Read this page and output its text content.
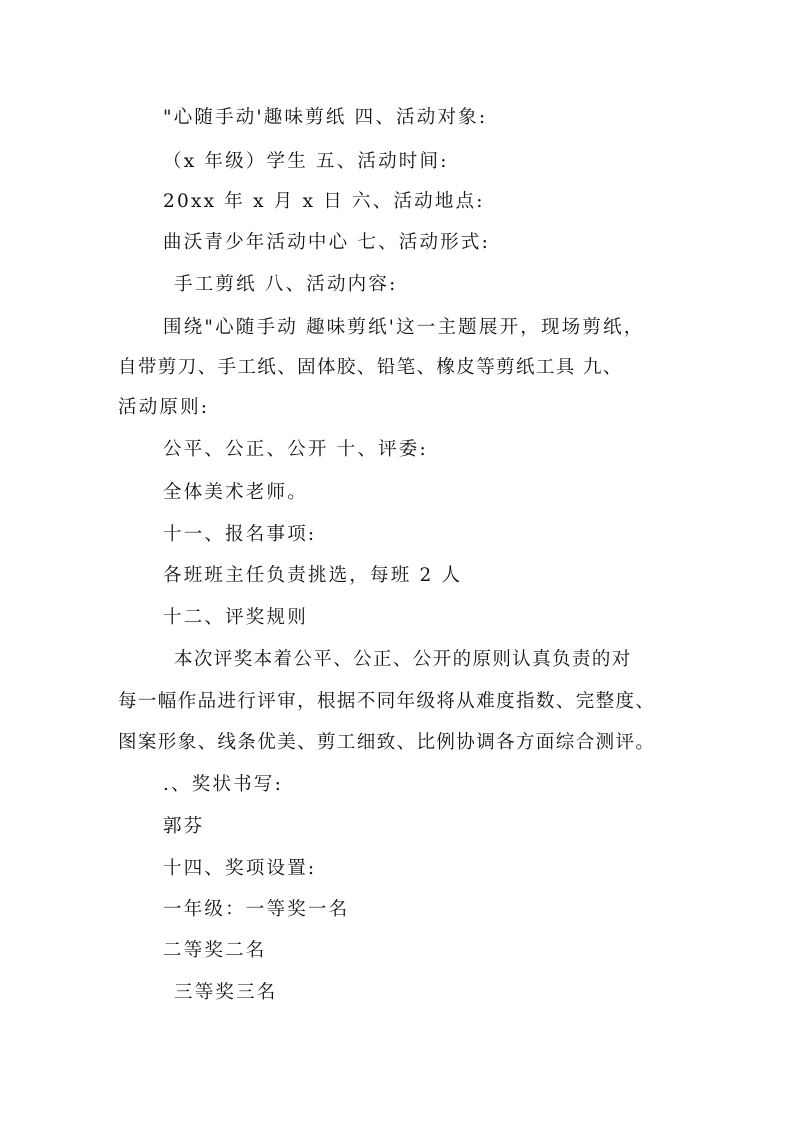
"心随手动'趣味剪纸 四、活动对象:
（x 年级）学生 五、活动时间:
20xx 年 x 月 x 日 六、活动地点:
曲沃青少年活动中心 七、活动形式:
手工剪纸 八、活动内容:
围绕"心随手动 趣味剪纸'这一主题展开，现场剪纸，
自带剪刀、手工纸、固体胶、铅笔、橡皮等剪纸工具 九、
活动原则:
公平、公正、公开 十、评委:
全体美术老师。
十一、报名事项:
各班班主任负责挑选，每班 2 人
十二、评奖规则
本次评奖本着公平、公正、公开的原则认真负责的对
每一幅作品进行评审，根据不同年级将从难度指数、完整度、
图案形象、线条优美、剪工细致、比例协调各方面综合测评。
.、奖状书写:
郭芬
十四、奖项设置:
一年级：一等奖一名
二等奖二名
三等奖三名
